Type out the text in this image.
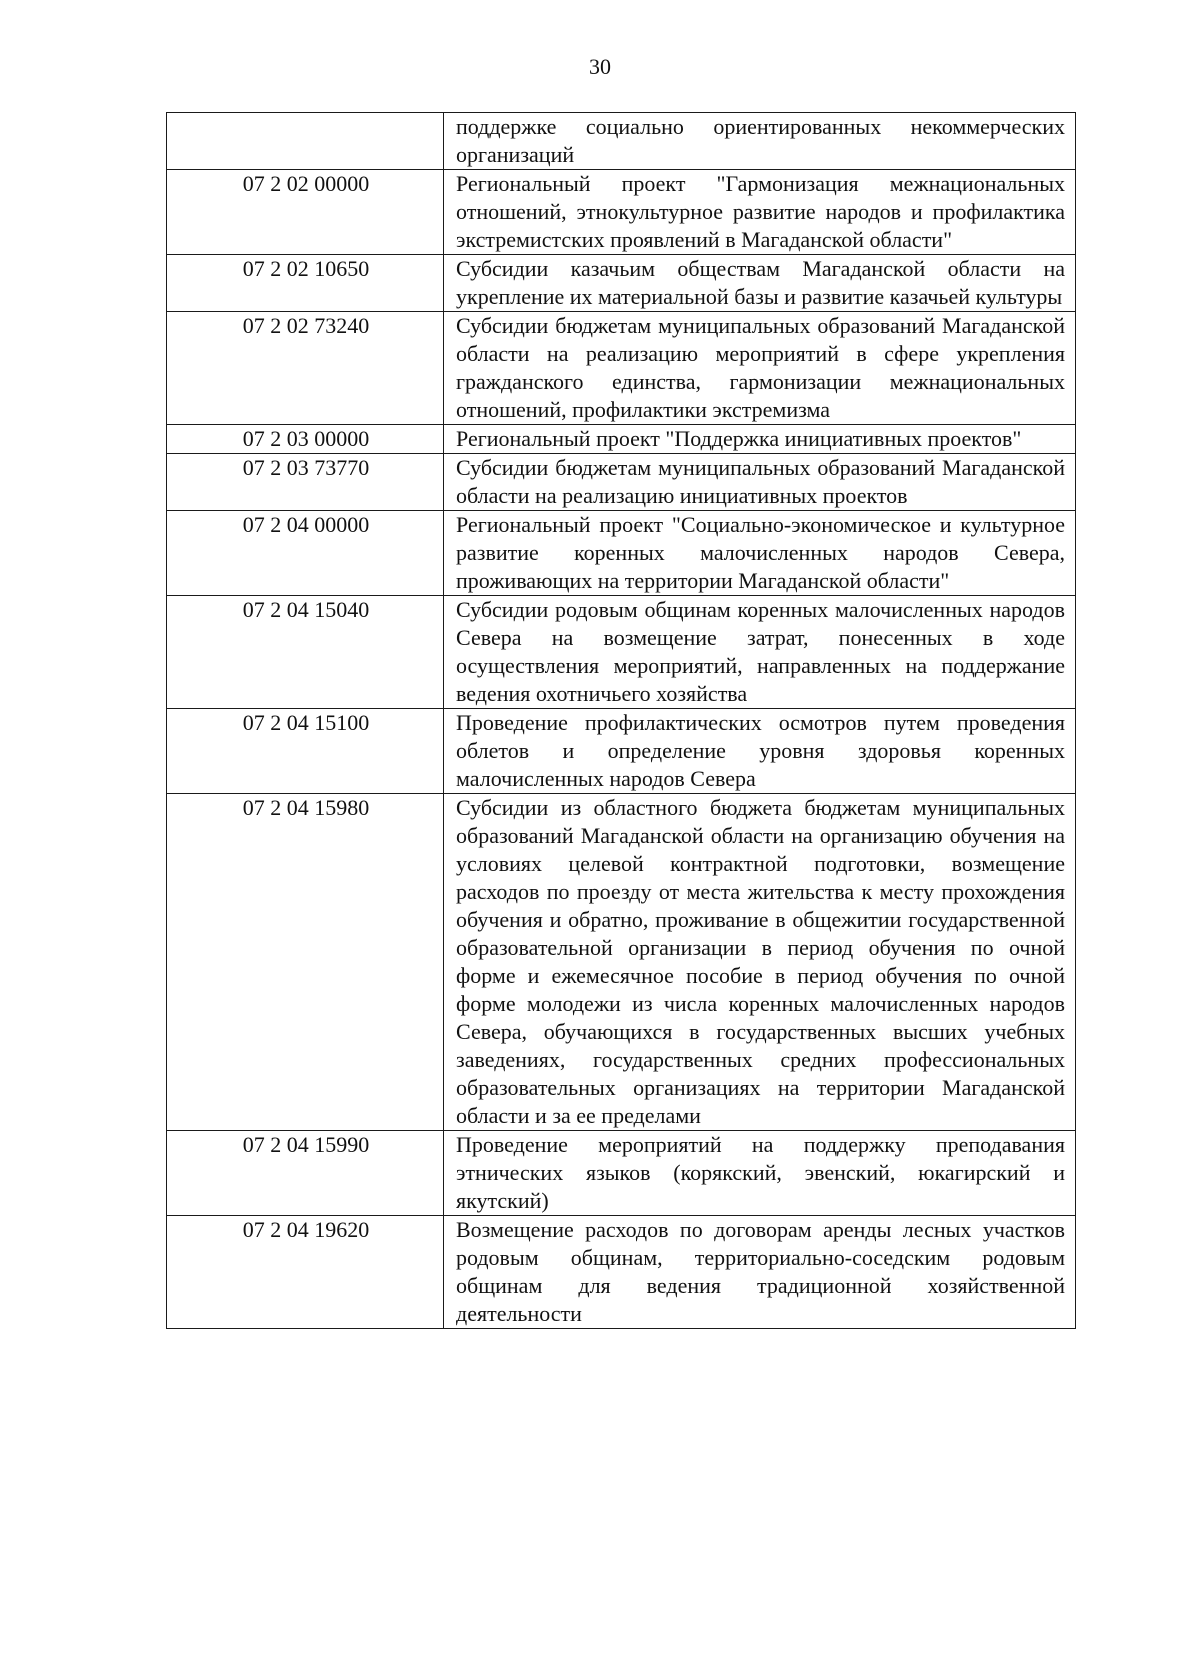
30
	поддержке социально ориентированных некоммерческих организаций
07 2 02 00000	Региональный проект "Гармонизация межнациональных отношений, этнокультурное развитие народов и профилактика экстремистских проявлений в Магаданской области"
07 2 02 10650	Субсидии казачьим обществам Магаданской области на укрепление их материальной базы и развитие казачьей культуры
07 2 02 73240	Субсидии бюджетам муниципальных образований Магаданской области на реализацию мероприятий в сфере укрепления гражданского единства, гармонизации межнациональных отношений, профилактики экстремизма
07 2 03 00000	Региональный проект "Поддержка инициативных проектов"
07 2 03 73770	Субсидии бюджетам муниципальных образований Магаданской области на реализацию инициативных проектов
07 2 04 00000	Региональный проект "Социально-экономическое и культурное развитие коренных малочисленных народов Севера, проживающих на территории Магаданской области"
07 2 04 15040	Субсидии родовым общинам коренных малочисленных народов Севера на возмещение затрат, понесенных в ходе осуществления мероприятий, направленных на поддержание ведения охотничьего хозяйства
07 2 04 15100	Проведение профилактических осмотров путем проведения облетов и определение уровня здоровья коренных малочисленных народов Севера
07 2 04 15980	Субсидии из областного бюджета бюджетам муниципальных образований Магаданской области на организацию обучения на условиях целевой контрактной подготовки, возмещение расходов по проезду от места жительства к месту прохождения обучения и обратно, проживание в общежитии государственной образовательной организации в период обучения по очной форме и ежемесячное пособие в период обучения по очной форме молодежи из числа коренных малочисленных народов Севера, обучающихся в государственных высших учебных заведениях, государственных средних профессиональных образовательных организациях на территории Магаданской области и за ее пределами
07 2 04 15990	Проведение мероприятий на поддержку преподавания этнических языков (корякский, эвенский, юкагирский и якутский)
07 2 04 19620	Возмещение расходов по договорам аренды лесных участков родовым общинам, территориально-соседским родовым общинам для ведения традиционной хозяйственной деятельности
